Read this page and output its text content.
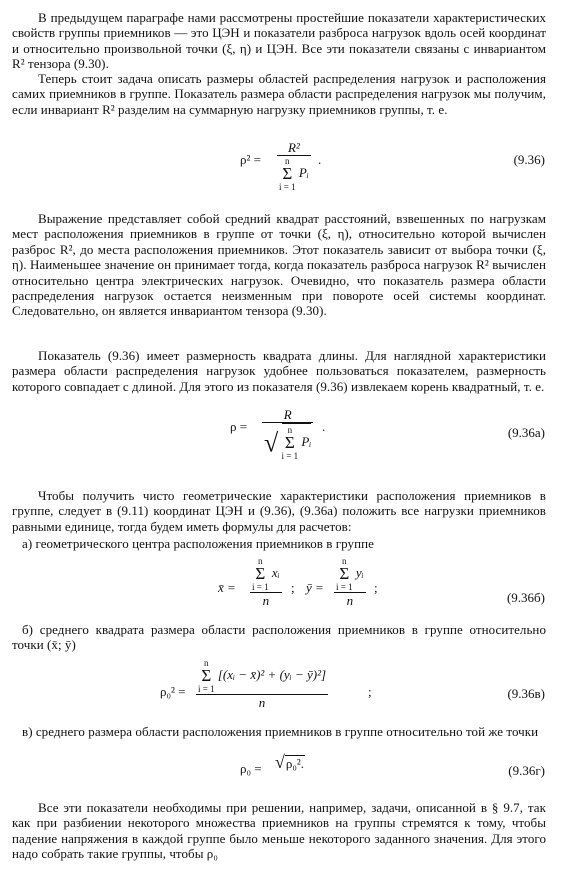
В предыдущем параграфе нами рассмотрены простейшие показатели характеристических свойств группы приемников — это ЦЭН и показатели разброса нагрузок вдоль осей координат и относительно произвольной точки (ξ, η) и ЦЭН. Все эти показатели связаны с инвариантом R² тензора (9.30).

Теперь стоит задача описать размеры областей распределения нагрузок и расположения самих приемников в группе. Показатель размера области распределения нагрузок мы получим, если инвариант R² разделим на суммарную нагрузку приемников группы, т. е.

ρ² = R²
n
Σ
i = 1 Pᵢ .	(9.36)

Выражение представляет собой средний квадрат расстояний, взвешенных по нагрузкам мест расположения приемников в группе от точки (ξ, η), относительно которой вычислен разброс R², до места расположения приемников. Этот показатель зависит от выбора точки (ξ, η). Наименьшее значение он принимает тогда, когда показатель разброса нагрузок R² вычислен относительно центра электрических нагрузок. Очевидно, что показатель размера области распределения нагрузок остается неизменным при повороте осей системы координат. Следовательно, он является инвариантом тензора (9.30).

Показатель (9.36) имеет размерность квадрата длины. Для наглядной характеристики размера области распределения нагрузок удобнее пользоваться показателем, размерность которого совпадает с длиной. Для этого из показателя (9.36) извлекаем корень квадратный, т. е.

ρ =
R
√ n
Σ
i = 1 Pᵢ
.	(9.36а)

Чтобы получить чисто геометрические характеристики расположения приемников в группе, следует в (9.11) координат ЦЭН и (9.36), (9.36а) положить все нагрузки приемников равными единице, тогда будем иметь формулы для расчетов:

а) геометрического центра расположения приемников в группе

x̄ = n
Σ
i = 1 xᵢ
n ; ȳ = n
Σ
i = 1 yᵢ
n ;
(9.36б)

б) среднего квадрата размера области расположения приемников в группе относительно точки (x̄; ȳ)

ρ₀² =
n
Σ
i = 1 [(xᵢ − x̄)² + (yᵢ − ȳ)²]
n
;	(9.36в)

в) среднего размера области расположения приемников в группе относительно той же точки

ρ₀ = √ρ₀².	(9.36г)

Все эти показатели необходимы при решении, например, задачи, описанной в § 9.7, так как при разбиении некоторого множества приемников на группы стремятся к тому, чтобы падение напряжения в каждой группе было меньше некоторого заданного значения. Для этого надо собрать такие группы, чтобы ρ₀
